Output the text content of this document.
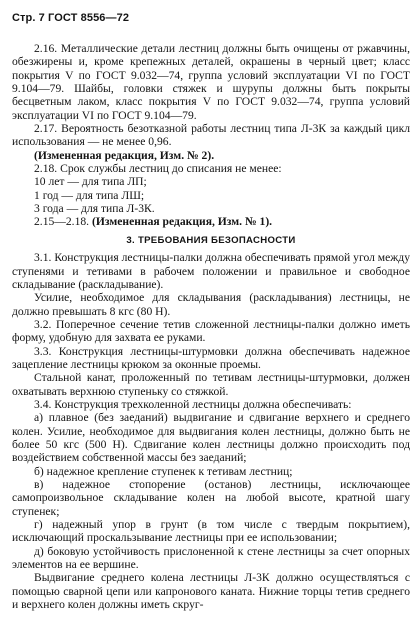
Стр. 7 ГОСТ 8556—72

2.16. Металлические детали лестниц должны быть очищены от ржавчины, обезжирены и, кроме крепежных деталей, окрашены в черный цвет; класс покрытия V по ГОСТ 9.032—74, группа условий эксплуатации VI по ГОСТ 9.104—79. Шайбы, головки стяжек и шурупы должны быть покрыты бесцветным лаком, класс покрытия V по ГОСТ 9.032—74, группа условий эксплуатации VI по ГОСТ 9.104—79.

2.17. Вероятность безотказной работы лестниц типа Л-3К за каждый цикл использования — не менее 0,96.

(Измененная редакция, Изм. № 2).

2.18. Срок службы лестниц до списания не менее:

10 лет — для типа ЛП;

1 год — для типа ЛШ;

3 года — для типа Л-3К.

2.15—2.18. (Измененная редакция, Изм. № 1).

3. ТРЕБОВАНИЯ БЕЗОПАСНОСТИ

3.1. Конструкция лестницы-палки должна обеспечивать прямой угол между ступенями и тетивами в рабочем положении и правильное и свободное складывание (раскладывание).

Усилие, необходимое для складывания (раскладывания) лестницы, не должно превышать 8 кгс (80 Н).

3.2. Поперечное сечение тетив сложенной лестницы-палки должно иметь форму, удобную для захвата ее руками.

3.3. Конструкция лестницы-штурмовки должна обеспечивать надежное зацепление лестницы крюком за оконные проемы.

Стальной канат, проложенный по тетивам лестницы-штурмовки, должен охватывать верхнюю ступеньку со стяжкой.

3.4. Конструкция трехколенной лестницы должна обеспечивать:

а) плавное (без заеданий) выдвигание и сдвигание верхнего и среднего колен. Усилие, необходимое для выдвигания колен лестницы, должно быть не более 50 кгс (500 Н). Сдвигание колен лестницы должно происходить под воздействием собственной массы без заеданий;

б) надежное крепление ступенек к тетивам лестниц;

в) надежное стопорение (останов) лестницы, исключающее самопроизвольное складывание колен на любой высоте, кратной шагу ступенек;

г) надежный упор в грунт (в том числе с твердым покрытием), исключающий проскальзывание лестницы при ее использовании;

д) боковую устойчивость прислоненной к стене лестницы за счет опорных элементов на ее вершине.

Выдвигание среднего колена лестницы Л-3К должно осуществляться с помощью сварной цепи или капронового каната. Нижние торцы тетив среднего и верхнего колен должны иметь скруг-
